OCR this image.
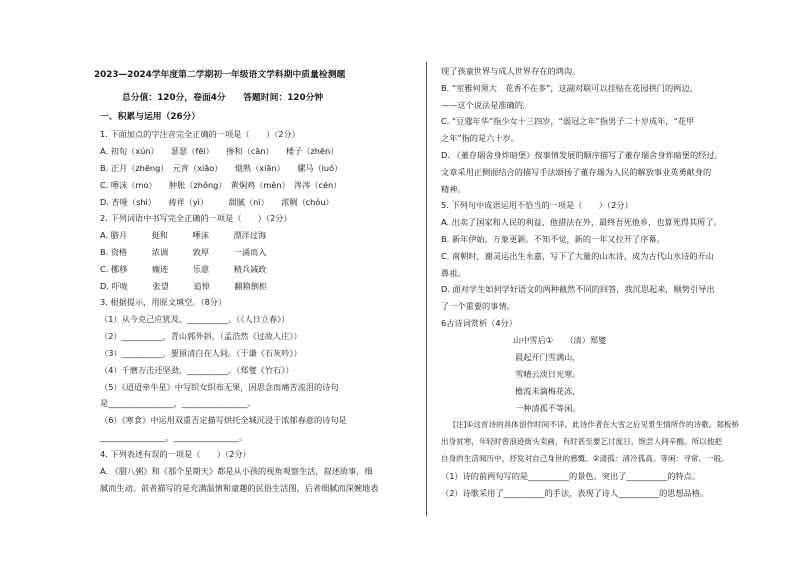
2023—2024学年度第二学期初一年级语文学科期中质量检测题
总分值：120分，卷面4分　　答题时间：120分钟
一、积累与运用（26分）
1. 下面加点的字注音完全正确的一项是（　　）（2分）
A. 初旬（xún）　　瑟瑟（fēi）　　掺和（cān）　　楼子（zhēn）
B. 正月（zhēng）　元宵（xiāo）　　烟熟（xiān）　　骡马（luó）
C. 唾沫（mo）　　肿胀（zhǒng）　黄焖鸡（mèn）　涔涔（cén）
D. 杏哑（shì）　　祷祥（yì）　　　甜腻（nì）　　浓稠（chóu）
2. 下列词语中书写完全正确的一项是（　　）（2分）
A. 腊月　　　挺和　　　唾沫　　　漂洋过海
B. 资格　　　浓调　　　敦厚　　　一涌而入
C. 挪移　　　瘸迹　　　乐意　　　精兵减政
D. 吓咙　　　张望　　　追悼　　　翻箱倒柜
3. 根据提示，用原文填空。（8分）
（1）从今克己应犹及，__________。（《人日立春》）
（2）__________，青山郭外斜。（孟浩然《过故人庄》）
（3）__________，要留清白在人间。（于谦《石灰吟》）
（4）千磨万击还坚劲，__________。（郑燮《竹石》）
（5）《迢迢牵牛星》中写织女织布无果，因思念而痛苦流泪的诗句
是________________，________________。
（6）《寒食》中运用双重否定描写烘托全城沉浸于浓郁春意的诗句是
________________，________________。
4. 下列表述有误的一项是（　　）（2分）
A. 《腊八粥》和《那个星期天》都是从小孩的视角观察生活，叙述故事，细
腻而生动。前者描写的是充满温情和童趣的民俗生活图，后者细腻而深婉地表
现了孩童世界与成人世界存在的鸿沟。
B. “室雅何须大　花香不在多”，这副对联可以挂贴在花园拱门的两边。
——这个说法是准确的。
C. “豆蔻年华”指少女十三四岁，“弱冠之年”指男子二十岁成年，“花甲
之年”指的是六十岁。
D. 《董存瑞舍身炸暗堡》按事情发展的顺序描写了董存瑞舍身炸暗堡的经过。
文章采用正侧面结合的描写手法颂扬了董存瑞为人民的解放事业英勇献身的
精神。
5. 下列句中成语运用不恰当的一项是（　　）（2分）
A. 出卖了国家和人民的利益，他措法在外，最终吾死他乡，也算死得其所了。
B. 新年伊始，万象更新。不知不觉，新的一年又拉开了序幕。
C. 南朝时，谢灵运出生永嘉，写下了大量的山水诗，成为古代山水诗的开山
鼻祖。
D. 面对学生如何学好语文的两种截然不同的回答，我沉思起来，顺势引导出
了一个重要的事情。
6古诗词赏析（4分）
山中雪后①　　（清）郑燮
晨起开门雪满山，
雪晴云淡日光寒。
檐流未滴梅花冻，
一种清孤不等闲。
[注]①这首诗的具体创作时间不详。此诗作者在大雪之后见景生情所作的诗歌。郑板桥
出身贫寒，年轻时曾浪迹街头卖画，有时甚至要乞讨度日，饱尝人间辛酸。所以他把
自身的生活阅历中，抒发对自己身世的感慨。②清孤：清冷孤高。等闲：寻常、一般。
（1）诗的前两句写的是__________的景色。突出了__________的特点。
（2）诗歌采用了__________的手法，表现了诗人__________的思想品格。
